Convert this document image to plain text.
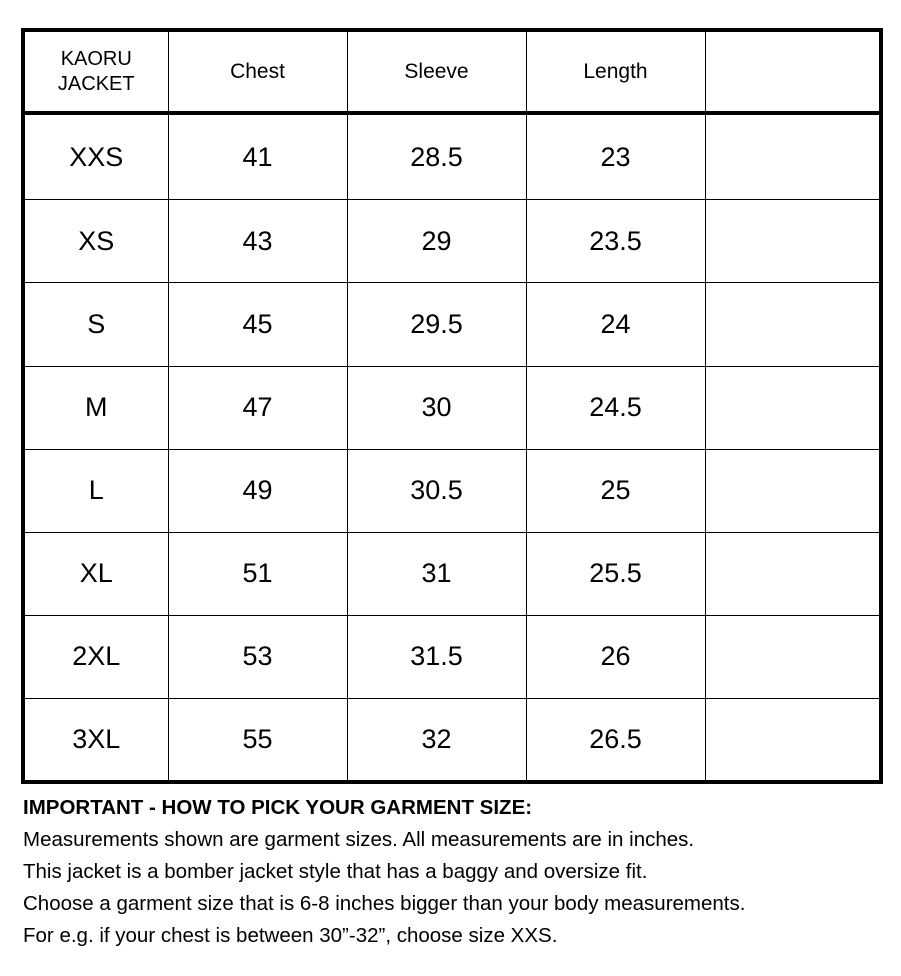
KAORU
JACKET	Chest	Sleeve	Length	
XXS	41	28.5	23	
XS	43	29	23.5	
S	45	29.5	24	
M	47	30	24.5	
L	49	30.5	25	
XL	51	31	25.5	
2XL	53	31.5	26	
3XL	55	32	26.5	
IMPORTANT - HOW TO PICK YOUR GARMENT SIZE:
Measurements shown are garment sizes. All measurements are in inches.
This jacket is a bomber jacket style that has a baggy and oversize fit.
Choose a garment size that is 6-8 inches bigger than your body measurements.
For e.g. if your chest is between 30”-32”, choose size XXS.
